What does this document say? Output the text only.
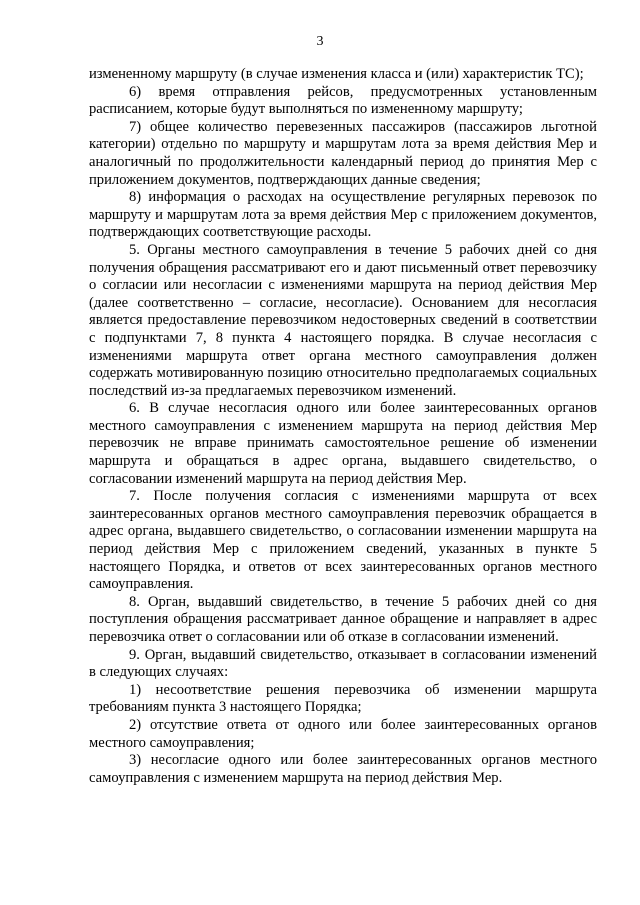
3

измененному маршруту (в случае изменения класса и (или) характеристик ТС);

6) время отправления рейсов, предусмотренных установленным расписанием, которые будут выполняться по измененному маршруту;

7) общее количество перевезенных пассажиров (пассажиров льготной категории) отдельно по маршруту и маршрутам лота за время действия Мер и аналогичный по продолжительности календарный период до принятия Мер с приложением документов, подтверждающих данные сведения;

8) информация о расходах на осуществление регулярных перевозок по маршруту и маршрутам лота за время действия Мер с приложением документов, подтверждающих соответствующие расходы.

5. Органы местного самоуправления в течение 5 рабочих дней со дня получения обращения рассматривают его и дают письменный ответ перевозчику о согласии или несогласии с изменениями маршрута на период действия Мер (далее соответственно – согласие, несогласие). Основанием для несогласия является предоставление перевозчиком недостоверных сведений в соответствии с подпунктами 7, 8 пункта 4 настоящего порядка. В случае несогласия с изменениями маршрута ответ органа местного самоуправления должен содержать мотивированную позицию относительно предполагаемых социальных последствий из-за предлагаемых перевозчиком изменений.

6. В случае несогласия одного или более заинтересованных органов местного самоуправления с изменением маршрута на период действия Мер перевозчик не вправе принимать самостоятельное решение об изменении маршрута и обращаться в адрес органа, выдавшего свидетельство, о согласовании изменений маршрута на период действия Мер.

7. После получения согласия с изменениями маршрута от всех заинтересованных органов местного самоуправления перевозчик обращается в адрес органа, выдавшего свидетельство, о согласовании изменении маршрута на период действия Мер с приложением сведений, указанных в пункте 5 настоящего Порядка, и ответов от всех заинтересованных органов местного самоуправления.

8. Орган, выдавший свидетельство, в течение 5 рабочих дней со дня поступления обращения рассматривает данное обращение и направляет в адрес перевозчика ответ о согласовании или об отказе в согласовании изменений.

9. Орган, выдавший свидетельство, отказывает в согласовании изменений в следующих случаях:

1) несоответствие решения перевозчика об изменении маршрута требованиям пункта 3 настоящего Порядка;

2) отсутствие ответа от одного или более заинтересованных органов местного самоуправления;

3) несогласие одного или более заинтересованных органов местного самоуправления с изменением маршрута на период действия Мер.
